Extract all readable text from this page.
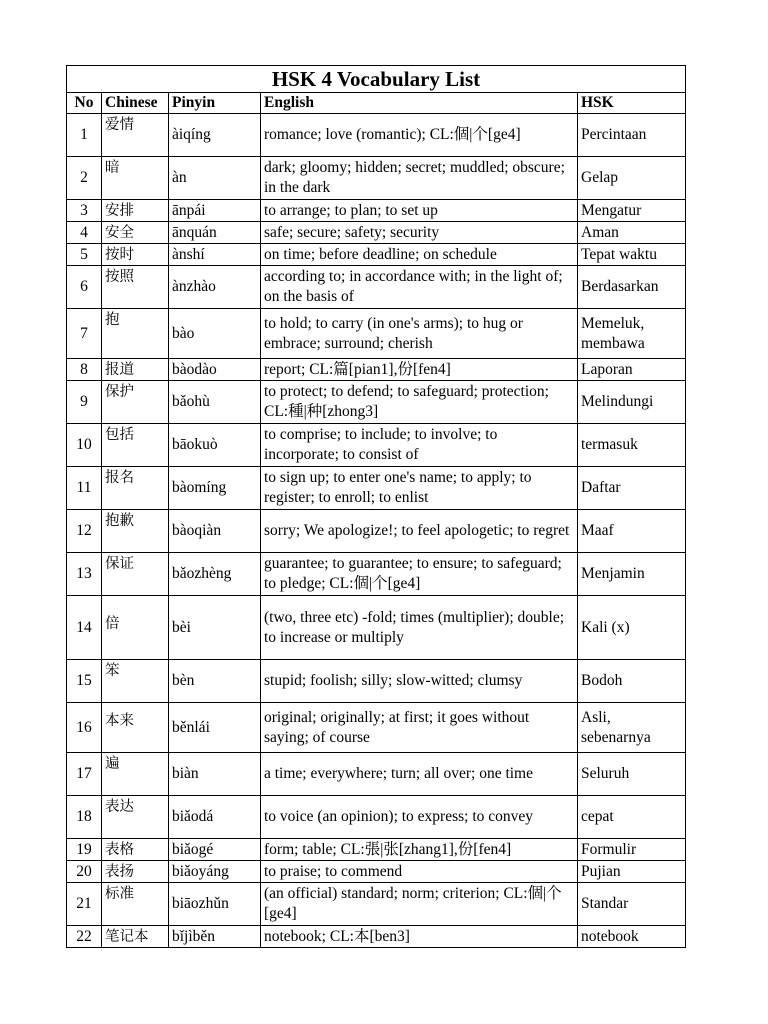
HSK 4 Vocabulary List				
No	Chinese	Pinyin	English	HSK
1	爱情	àiqíng	romance; love (romantic); CL:個|个[ge4]	Percintaan
2	暗	àn	dark; gloomy; hidden; secret; muddled; obscure; in the dark	Gelap
3	安排	ānpái	to arrange; to plan; to set up	Mengatur
4	安全	ānquán	safe; secure; safety; security	Aman
5	按时	ànshí	on time; before deadline; on schedule	Tepat waktu
6	按照	ànzhào	according to; in accordance with; in the light of; on the basis of	Berdasarkan
7	抱	bào	to hold; to carry (in one's arms); to hug or embrace; surround; cherish	Memeluk, membawa
8	报道	bàodào	report; CL:篇[pian1],份[fen4]	Laporan
9	保护	bǎohù	to protect; to defend; to safeguard; protection; CL:種|种[zhong3]	Melindungi
10	包括	bāokuò	to comprise; to include; to involve; to incorporate; to consist of	termasuk
11	报名	bàomíng	to sign up; to enter one's name; to apply; to register; to enroll; to enlist	Daftar
12	抱歉	bàoqiàn	sorry; We apologize!; to feel apologetic; to regret	Maaf
13	保证	bǎozhèng	guarantee; to guarantee; to ensure; to safeguard; to pledge; CL:個|个[ge4]	Menjamin
14	倍	bèi	(two, three etc) -fold; times (multiplier); double; to increase or multiply	Kali (x)
15	笨	bèn	stupid; foolish; silly; slow-witted; clumsy	Bodoh
16	本来	běnlái	original; originally; at first; it goes without saying; of course	Asli, sebenarnya
17	遍	biàn	a time; everywhere; turn; all over; one time	Seluruh
18	表达	biǎodá	to voice (an opinion); to express; to convey	cepat
19	表格	biǎogé	form; table; CL:張|张[zhang1],份[fen4]	Formulir
20	表扬	biǎoyáng	to praise; to commend	Pujian
21	标准	biāozhǔn	(an official) standard; norm; criterion; CL:個|个[ge4]	Standar
22	笔记本	bǐjìběn	notebook; CL:本[ben3]	notebook
